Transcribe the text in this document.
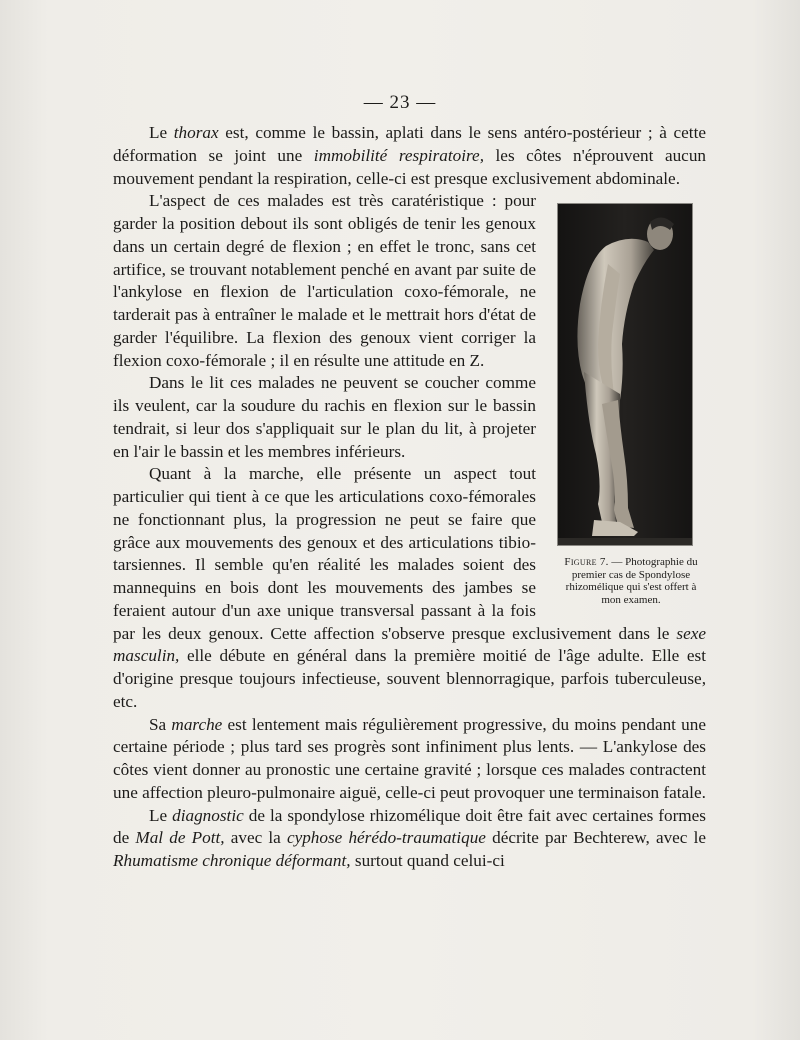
— 23 —

Le thorax est, comme le bassin, aplati dans le sens antéro-postérieur ; à cette déformation se joint une immobilité respiratoire, les côtes n'éprouvent aucun mouvement pendant la respiration, celle-ci est presque exclusivement abdominale.

Figure 7. — Photographie du premier cas de Spondylose rhizomélique qui s'est offert à mon examen.

L'aspect de ces malades est très caratéristique : pour garder la position debout ils sont obligés de tenir les genoux dans un certain degré de flexion ; en effet le tronc, sans cet artifice, se trouvant notablement penché en avant par suite de l'ankylose en flexion de l'articulation coxo-fémorale, ne tarderait pas à entraîner le malade et le mettrait hors d'état de garder l'équilibre. La flexion des genoux vient corriger la flexion coxo-fémorale ; il en résulte une attitude en Z.

Dans le lit ces malades ne peuvent se coucher comme ils veulent, car la soudure du rachis en flexion sur le bassin tendrait, si leur dos s'appliquait sur le plan du lit, à projeter en l'air le bassin et les membres inférieurs.

Quant à la marche, elle présente un aspect tout particulier qui tient à ce que les articulations coxo-fémorales ne fonctionnant plus, la progression ne peut se faire que grâce aux mouvements des genoux et des articulations tibio-tarsiennes. Il semble qu'en réalité les malades soient des mannequins en bois dont les mouvements des jambes se feraient autour d'un axe unique transversal passant à la fois par les deux genoux. Cette affection s'observe presque exclusivement dans le sexe masculin, elle débute en général dans la première moitié de l'âge adulte. Elle est d'origine presque toujours infectieuse, souvent blennorragique, parfois tuberculeuse, etc.

Sa marche est lentement mais régulièrement progressive, du moins pendant une certaine période ; plus tard ses progrès sont infiniment plus lents. — L'ankylose des côtes vient donner au pronostic une certaine gravité ; lorsque ces malades contractent une affection pleuro-pulmonaire aiguë, celle-ci peut provoquer une terminaison fatale.

Le diagnostic de la spondylose rhizomélique doit être fait avec certaines formes de Mal de Pott, avec la cyphose hérédo-traumatique décrite par Bechterew, avec le Rhumatisme chronique déformant, surtout quand celui-ci
